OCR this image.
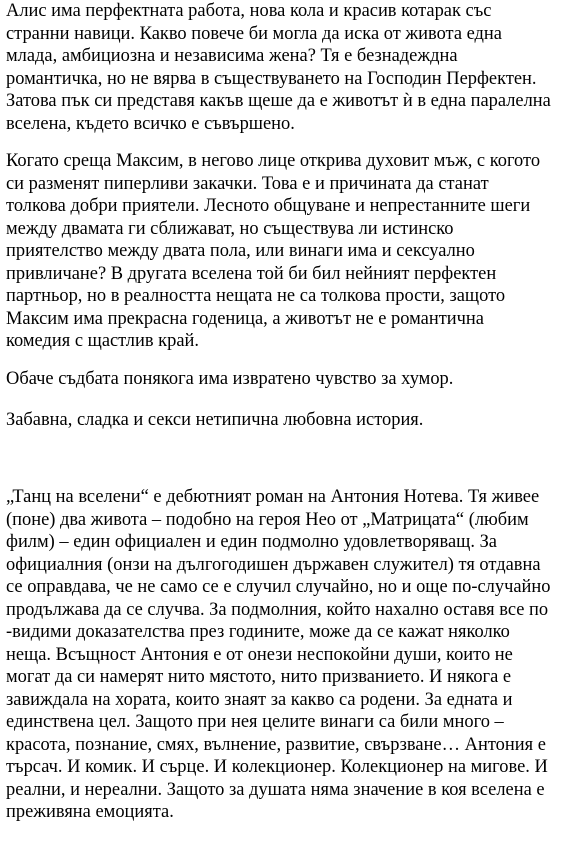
Алис има перфектната работа, нова кола и красив котарак със
странни навици. Какво повече би могла да иска от живота една
млада, амбициозна и независима жена? Тя е безнадеждна
романтичка, но не вярва в съществуването на Господин Перфектен.
Затова пък си представя какъв щеше да е животът ѝ в една паралелна
вселена, където всичко е съвършено.
Когато среща Максим, в негово лице открива духовит мъж, с когото
си разменят пиперливи закачки. Това е и причината да станат
толкова добри приятели. Лесното общуване и непрестанните шеги
между двамата ги сближават, но съществува ли истинско
приятелство между двата пола, или винаги има и сексуално
привличане? В другата вселена той би бил нейният перфектен
партньор, но в реалността нещата не са толкова прости, защото
Максим има прекрасна годеница, а животът не е романтична
комедия с щастлив край.
Обаче съдбата понякога има извратено чувство за хумор.
Забавна, сладка и секси нетипична любовна история.
„Танц на вселени“ е дебютният роман на Антония Нотева. Тя живее
(поне) два живота – подобно на героя Нео от „Матрицата“ (любим
филм) – един официален и един подмолно удовлетворяващ. За
официалния (онзи на дългогодишен държавен служител) тя отдавна
се оправдава, че не само се е случил случайно, но и още по-случайно
продължава да се случва. За подмолния, който нахално оставя все по
-видими доказателства през годините, може да се кажат няколко
неща. Всъщност Антония е от онези неспокойни души, които не
могат да си намерят нито мястото, нито призванието. И някога е
завиждала на хората, които знаят за какво са родени. За едната и
единствена цел. Защото при нея целите винаги са били много –
красота, познание, смях, вълнение, развитие, свързване… Антония е
търсач. И комик. И сърце. И колекционер. Колекционер на мигове. И
реални, и нереални. Защото за душата няма значение в коя вселена е
преживяна емоцията.
